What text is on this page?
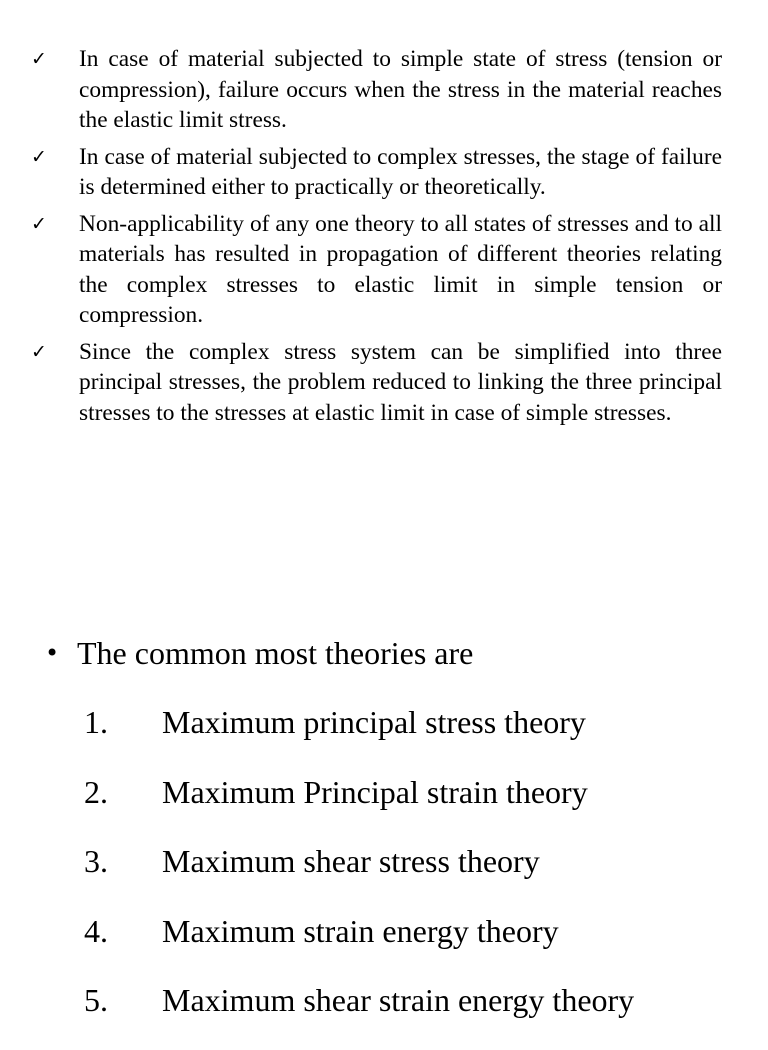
✓ In case of material subjected to simple state of stress (tension or compression), failure occurs when the stress in the material reaches the elastic limit stress.
✓ In case of material subjected to complex stresses, the stage of failure is determined either to practically or theoretically.
✓ Non-applicability of any one theory to all states of stresses and to all materials has resulted in propagation of different theories relating the complex stresses to elastic limit in simple tension or compression.
✓ Since the complex stress system can be simplified into three principal stresses, the problem reduced to linking the three principal stresses to the stresses at elastic limit in case of simple stresses.
• The common most theories are
1. Maximum principal stress theory
2. Maximum Principal strain theory
3. Maximum shear stress theory
4. Maximum strain energy theory
5. Maximum shear strain energy theory
